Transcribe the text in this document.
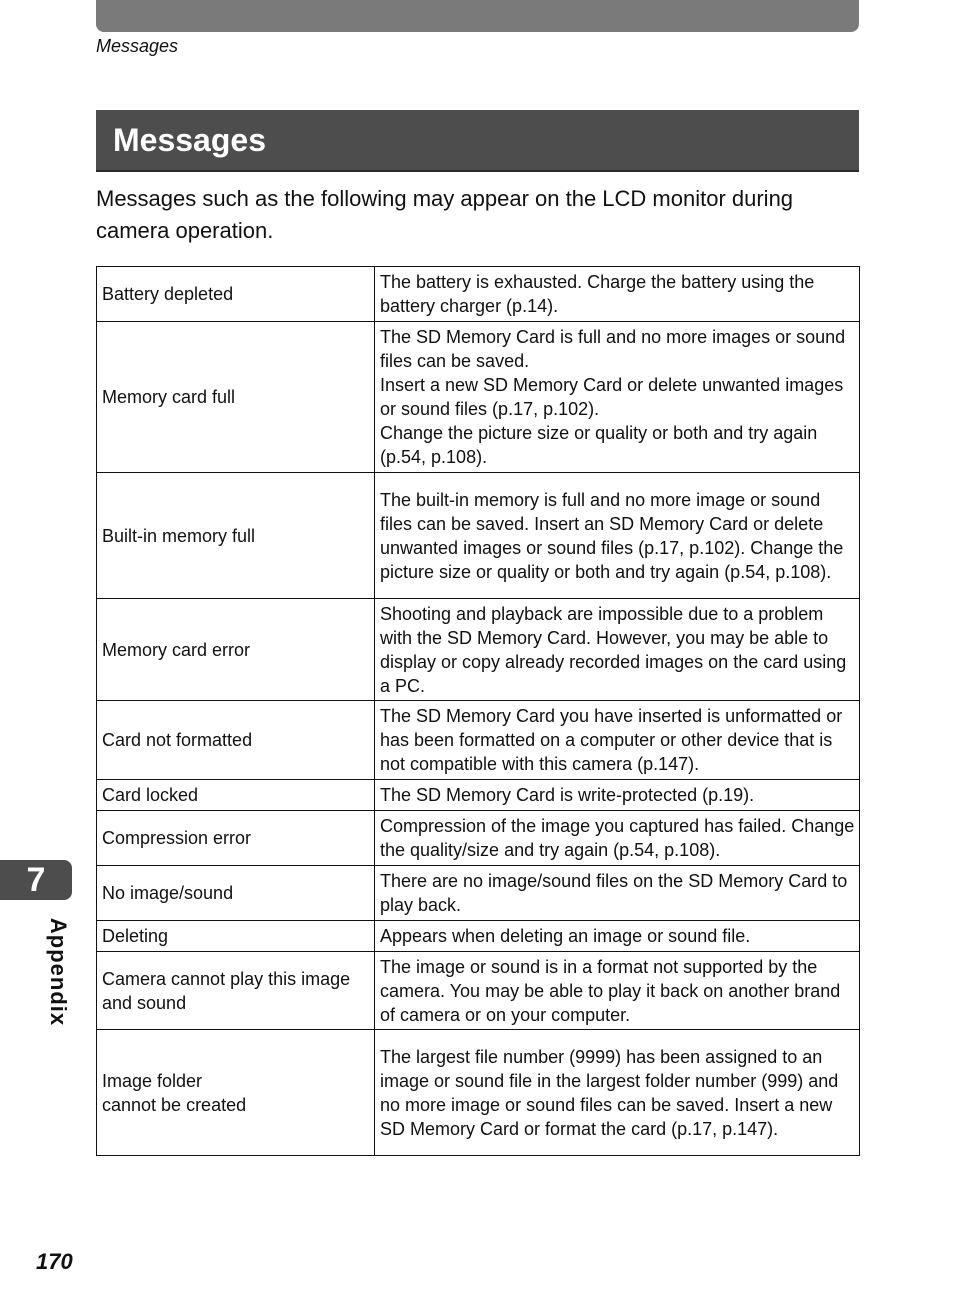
Messages
Messages

Messages such as the following may appear on the LCD monitor during camera operation.

Battery depleted	The battery is exhausted. Charge the battery using the battery charger (p.14).
Memory card full	The SD Memory Card is full and no more images or sound files can be saved.
Insert a new SD Memory Card or delete unwanted images or sound files (p.17, p.102).
Change the picture size or quality or both and try again (p.54, p.108).
Built-in memory full	The built-in memory is full and no more image or sound files can be saved. Insert an SD Memory Card or delete unwanted images or sound files (p.17, p.102). Change the picture size or quality or both and try again (p.54, p.108).
Memory card error	Shooting and playback are impossible due to a problem with the SD Memory Card. However, you may be able to display or copy already recorded images on the card using a PC.
Card not formatted	The SD Memory Card you have inserted is unformatted or has been formatted on a computer or other device that is not compatible with this camera (p.147).
Card locked	The SD Memory Card is write-protected (p.19).
Compression error	Compression of the image you captured has failed. Change the quality/size and try again (p.54, p.108).
No image/sound	There are no image/sound files on the SD Memory Card to play back.
Deleting	Appears when deleting an image or sound file.
Camera cannot play this image and sound	The image or sound is in a format not supported by the camera. You may be able to play it back on another brand of camera or on your computer.
Image folder
cannot be created	The largest file number (9999) has been assigned to an image or sound file in the largest folder number (999) and no more image or sound files can be saved. Insert a new SD Memory Card or format the card (p.17, p.147).
7
Appendix
170
